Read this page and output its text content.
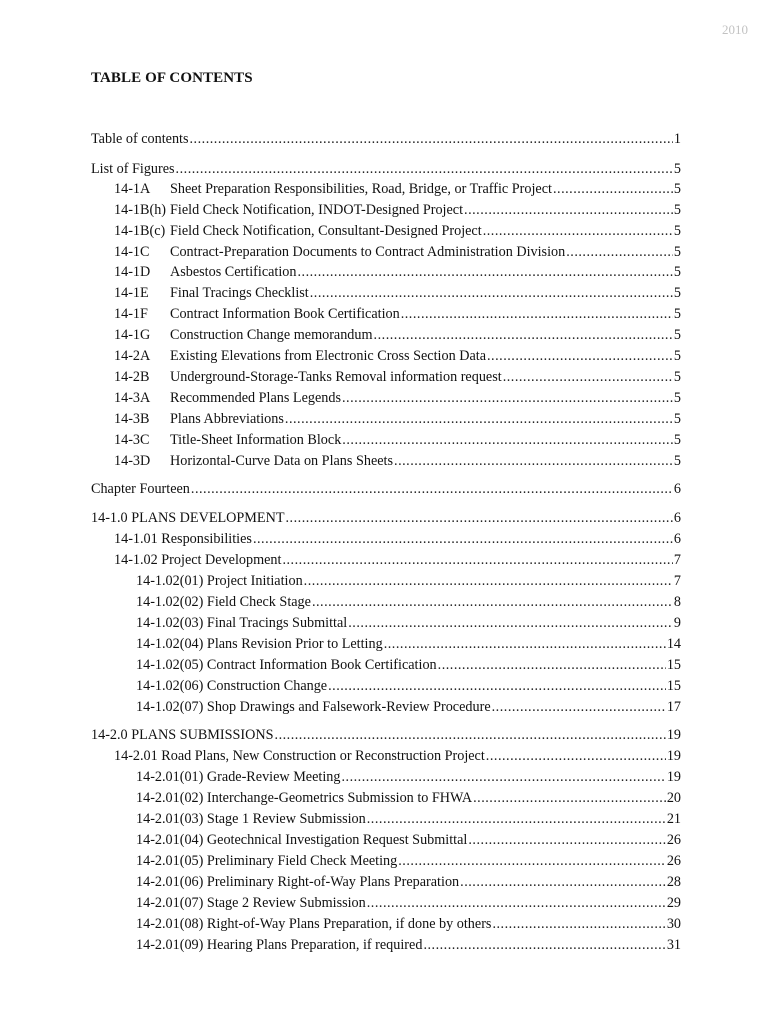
2010
TABLE OF CONTENTS
Table of contents .....	1
List of Figures .....	5
14-1A Sheet Preparation Responsibilities, Road, Bridge, or Traffic Project .....	5
14-1B(h) Field Check Notification, INDOT-Designed Project .....	5
14-1B(c) Field Check Notification, Consultant-Designed Project .....	5
14-1C Contract-Preparation Documents to Contract Administration Division .....	5
14-1D Asbestos Certification .....	5
14-1E Final Tracings Checklist .....	5
14-1F Contract Information Book Certification .....	5
14-1G Construction Change memorandum .....	5
14-2A Existing Elevations from Electronic Cross Section Data .....	5
14-2B Underground-Storage-Tanks Removal information request .....	5
14-3A Recommended Plans Legends .....	5
14-3B Plans Abbreviations .....	5
14-3C Title-Sheet Information Block .....	5
14-3D Horizontal-Curve Data on Plans Sheets .....	5
Chapter Fourteen .....	6
14-1.0 PLANS DEVELOPMENT .....	6
14-1.01 Responsibilities .....	6
14-1.02 Project Development .....	7
14-1.02(01) Project Initiation .....	7
14-1.02(02) Field Check Stage .....	8
14-1.02(03) Final Tracings Submittal .....	9
14-1.02(04) Plans Revision Prior to Letting .....	14
14-1.02(05) Contract Information Book Certification .....	15
14-1.02(06) Construction Change .....	15
14-1.02(07) Shop Drawings and Falsework-Review Procedure .....	17
14-2.0 PLANS SUBMISSIONS .....	19
14-2.01 Road Plans, New Construction or Reconstruction Project .....	19
14-2.01(01) Grade-Review Meeting .....	19
14-2.01(02) Interchange-Geometrics Submission to FHWA .....	20
14-2.01(03) Stage 1 Review Submission .....	21
14-2.01(04) Geotechnical Investigation Request Submittal .....	26
14-2.01(05) Preliminary Field Check Meeting .....	26
14-2.01(06) Preliminary Right-of-Way Plans Preparation .....	28
14-2.01(07) Stage 2 Review Submission .....	29
14-2.01(08) Right-of-Way Plans Preparation, if done by others .....	30
14-2.01(09) Hearing Plans Preparation, if required .....	31
